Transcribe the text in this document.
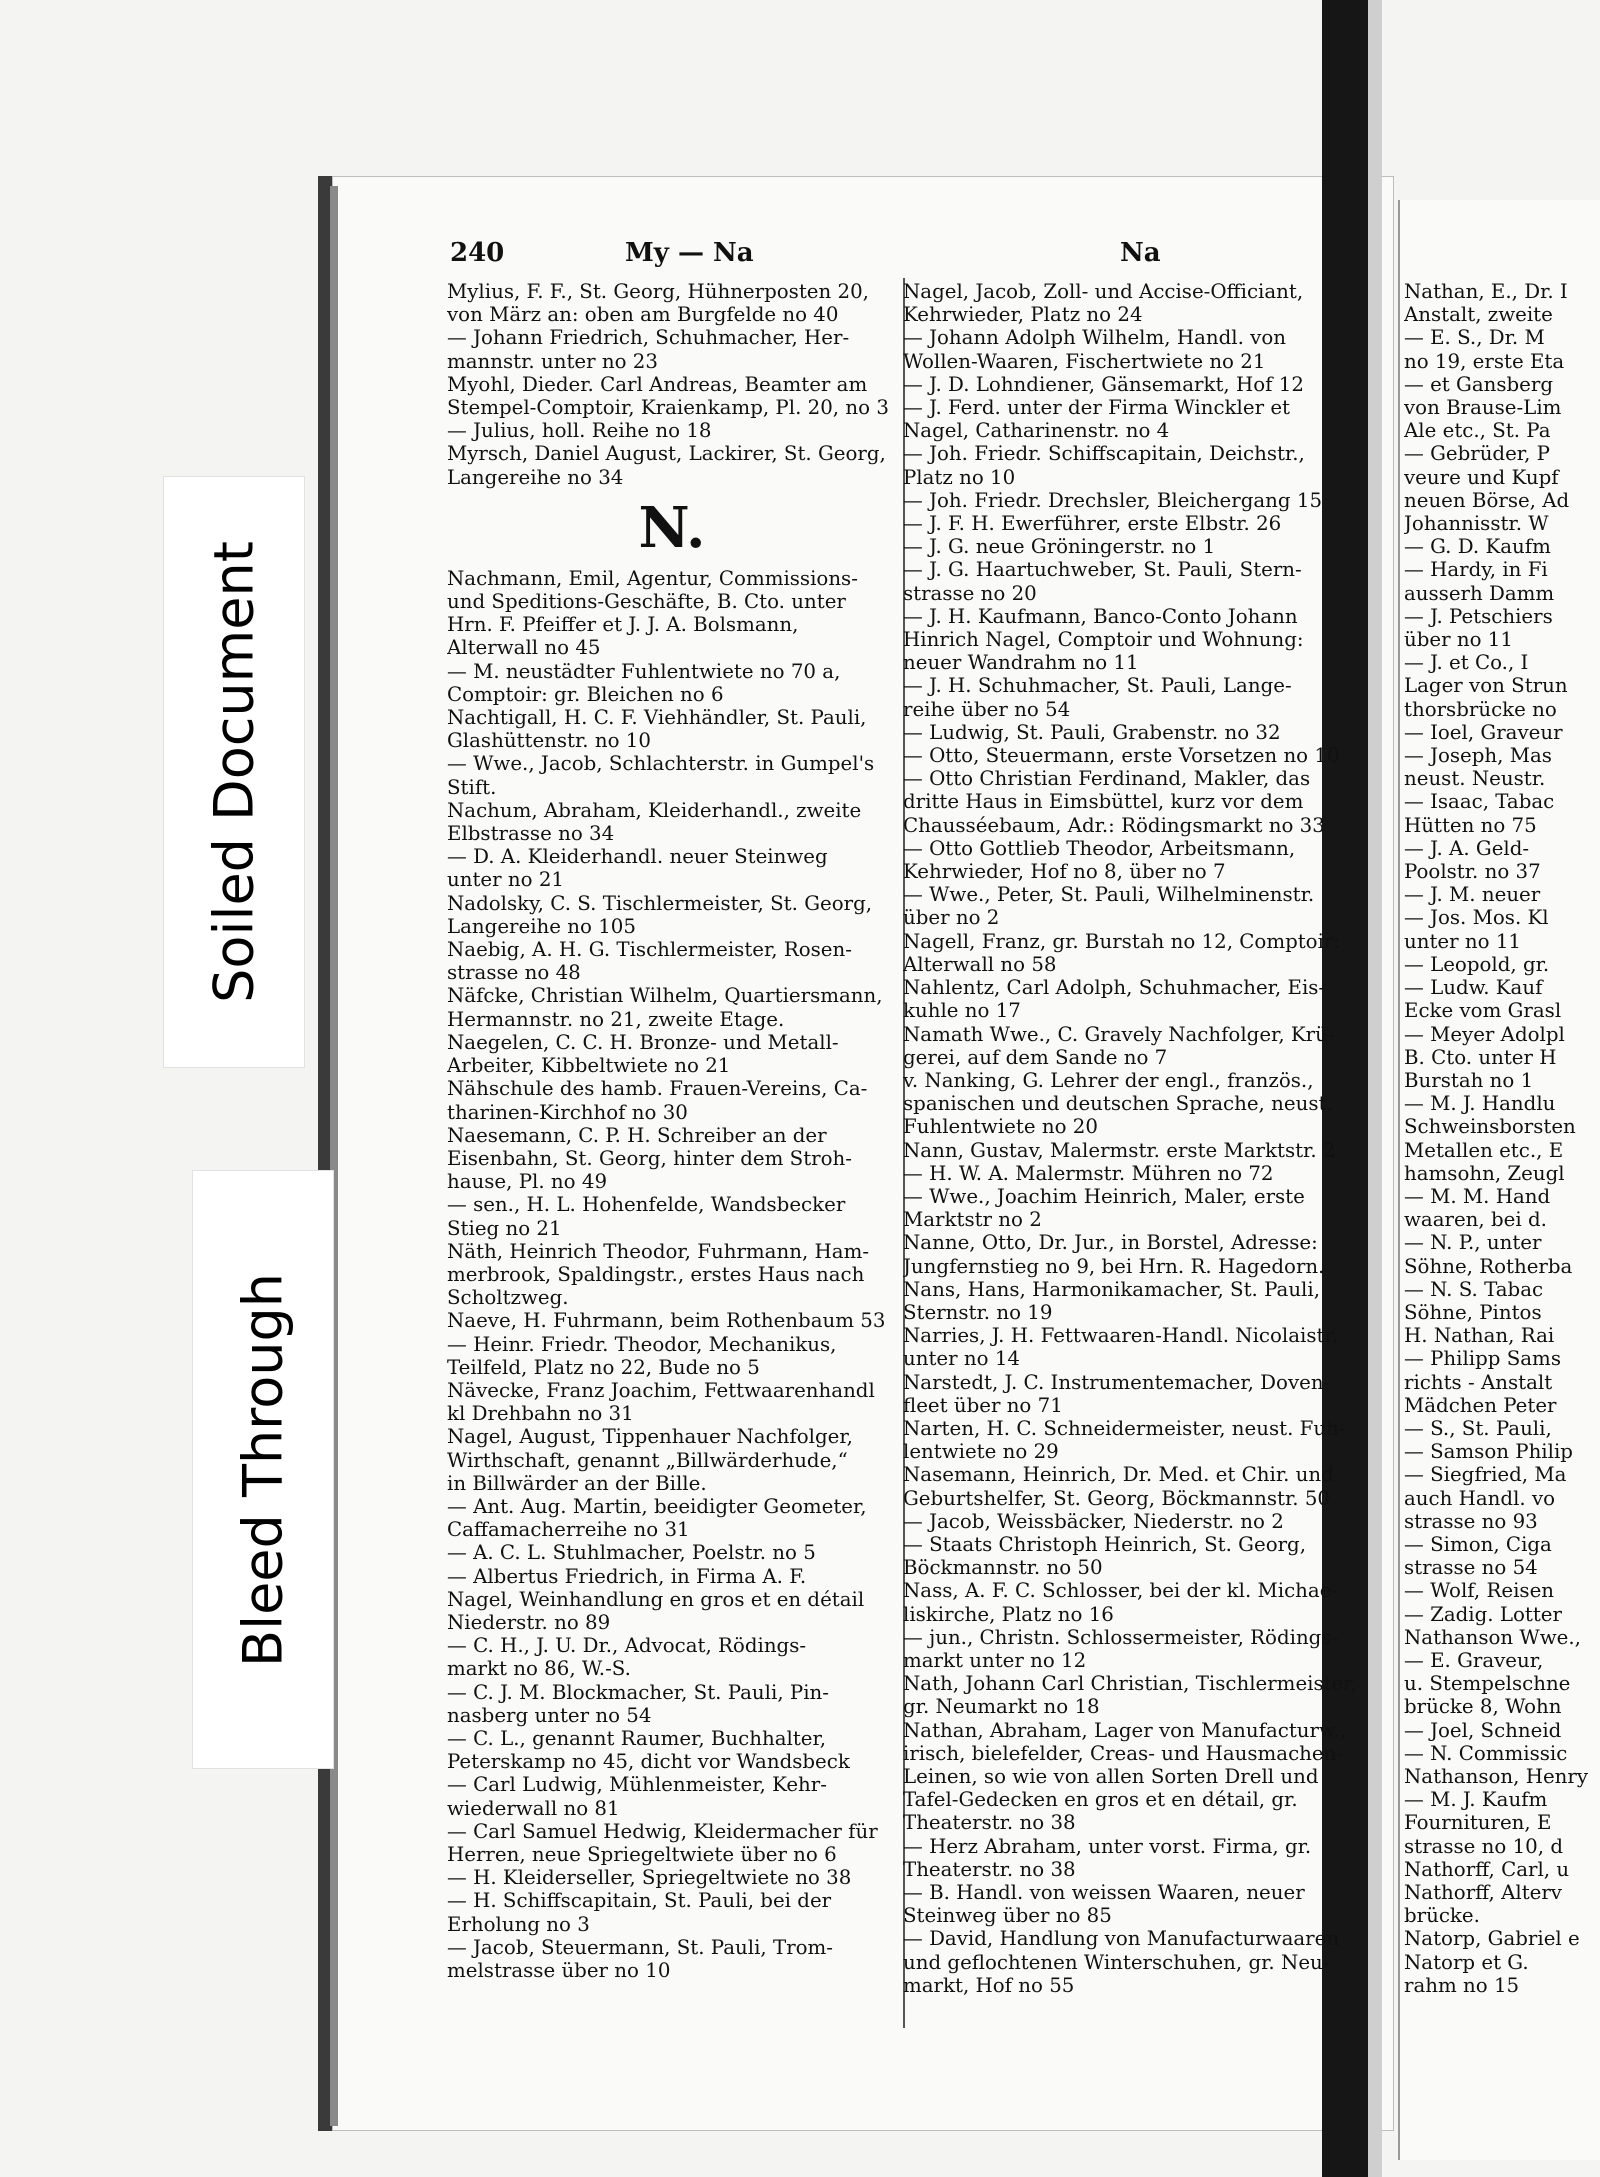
Nathan, E., Dr. I

Anstalt, zweite

— E. S., Dr. M

no 19, erste Eta

— et Gansberg

von Brause-Lim

Ale etc., St. Pa

— Gebrüder, P

veure und Kupf

neuen Börse, Ad

Johannisstr. W

— G. D. Kaufm

— Hardy, in Fi

ausserh Damm

— J. Petschiers

über no 11

— J. et Co., I

Lager von Strun

thorsbrücke no

— Ioel, Graveur

— Joseph, Mas

neust. Neustr.

— Isaac, Tabac

Hütten no 75

— J. A. Geld-

Poolstr. no 37

— J. M. neuer

— Jos. Mos. Kl

unter no 11

— Leopold, gr.

— Ludw. Kauf

Ecke vom Grasl

— Meyer Adolpl

B. Cto. unter H

Burstah no 1

— M. J. Handlu

Schweinsborsten

Metallen etc., E

hamsohn, Zeugl

— M. M. Hand

waaren, bei d.

— N. P., unter

Söhne, Rotherba

— N. S. Tabac

Söhne, Pintos

H. Nathan, Rai

— Philipp Sams

richts - Anstalt

Mädchen Peter

— S., St. Pauli,

— Samson Philip

— Siegfried, Ma

auch Handl. vo

strasse no 93

— Simon, Ciga

strasse no 54

— Wolf, Reisen

— Zadig. Lotter

Nathanson Wwe.,

— E. Graveur,

u. Stempelschne

brücke 8, Wohn

— Joel, Schneid

— N. Commissic

Nathanson, Henry

— M. J. Kaufm

Fournituren, E

strasse no 10, d

Nathorff, Carl, u

Nathorff, Alterv

brücke.

Natorp, Gabriel e

Natorp et G.

rahm no 15

240	My — Na	Na

Mylius, F. F., St. Georg, Hühnerposten 20,

von März an: oben am Burgfelde no 40

— Johann Friedrich, Schuhmacher, Her-

mannstr. unter no 23

Myohl, Dieder. Carl Andreas, Beamter am

Stempel-Comptoir, Kraienkamp, Pl. 20, no 3

— Julius, holl. Reihe no 18

Myrsch, Daniel August, Lackirer, St. Georg,

Langereihe no 34

N.

Nachmann, Emil, Agentur, Commissions-

und Speditions-Geschäfte, B. Cto. unter

Hrn. F. Pfeiffer et J. J. A. Bolsmann,

Alterwall no 45

— M. neustädter Fuhlentwiete no 70 a,

Comptoir: gr. Bleichen no 6

Nachtigall, H. C. F. Viehhändler, St. Pauli,

Glashüttenstr. no 10

— Wwe., Jacob, Schlachterstr. in Gumpel's

Stift.

Nachum, Abraham, Kleiderhandl., zweite

Elbstrasse no 34

— D. A. Kleiderhandl. neuer Steinweg

unter no 21

Nadolsky, C. S. Tischlermeister, St. Georg,

Langereihe no 105

Naebig, A. H. G. Tischlermeister, Rosen-

strasse no 48

Näfcke, Christian Wilhelm, Quartiersmann,

Hermannstr. no 21, zweite Etage.

Naegelen, C. C. H. Bronze- und Metall-

Arbeiter, Kibbeltwiete no 21

Nähschule des hamb. Frauen-Vereins, Ca-

tharinen-Kirchhof no 30

Naesemann, C. P. H. Schreiber an der

Eisenbahn, St. Georg, hinter dem Stroh-

hause, Pl. no 49

— sen., H. L. Hohenfelde, Wandsbecker

Stieg no 21

Näth, Heinrich Theodor, Fuhrmann, Ham-

merbrook, Spaldingstr., erstes Haus nach

Scholtzweg.

Naeve, H. Fuhrmann, beim Rothenbaum 53

— Heinr. Friedr. Theodor, Mechanikus,

Teilfeld, Platz no 22, Bude no 5

Nävecke, Franz Joachim, Fettwaarenhandl

kl Drehbahn no 31

Nagel, August, Tippenhauer Nachfolger,

Wirthschaft, genannt „Billwärderhude,“

in Billwärder an der Bille.

— Ant. Aug. Martin, beeidigter Geometer,

Caffamacherreihe no 31

— A. C. L. Stuhlmacher, Poelstr. no 5

— Albertus Friedrich, in Firma A. F.

Nagel, Weinhandlung en gros et en détail

Niederstr. no 89

— C. H., J. U. Dr., Advocat, Rödings-

markt no 86, W.-S.

— C. J. M. Blockmacher, St. Pauli, Pin-

nasberg unter no 54

— C. L., genannt Raumer, Buchhalter,

Peterskamp no 45, dicht vor Wandsbeck

— Carl Ludwig, Mühlenmeister, Kehr-

wiederwall no 81

— Carl Samuel Hedwig, Kleidermacher für

Herren, neue Spriegeltwiete über no 6

— H. Kleiderseller, Spriegeltwiete no 38

— H. Schiffscapitain, St. Pauli, bei der

Erholung no 3

— Jacob, Steuermann, St. Pauli, Trom-

melstrasse über no 10

Nagel, Jacob, Zoll- und Accise-Officiant,

Kehrwieder, Platz no 24

— Johann Adolph Wilhelm, Handl. von

Wollen-Waaren, Fischertwiete no 21

— J. D. Lohndiener, Gänsemarkt, Hof 12

— J. Ferd. unter der Firma Winckler et

Nagel, Catharinenstr. no 4

— Joh. Friedr. Schiffscapitain, Deichstr.,

Platz no 10

— Joh. Friedr. Drechsler, Bleichergang 15

— J. F. H. Ewerführer, erste Elbstr. 26

— J. G. neue Gröningerstr. no 1

— J. G. Haartuchweber, St. Pauli, Stern-

strasse no 20

— J. H. Kaufmann, Banco-Conto Johann

Hinrich Nagel, Comptoir und Wohnung:

neuer Wandrahm no 11

— J. H. Schuhmacher, St. Pauli, Lange-

reihe über no 54

— Ludwig, St. Pauli, Grabenstr. no 32

— Otto, Steuermann, erste Vorsetzen no 10

— Otto Christian Ferdinand, Makler, das

dritte Haus in Eimsbüttel, kurz vor dem

Chausséebaum, Adr.: Rödingsmarkt no 33

— Otto Gottlieb Theodor, Arbeitsmann,

Kehrwieder, Hof no 8, über no 7

— Wwe., Peter, St. Pauli, Wilhelminenstr.

über no 2

Nagell, Franz, gr. Burstah no 12, Comptoir:

Alterwall no 58

Nahlentz, Carl Adolph, Schuhmacher, Eis-

kuhle no 17

Namath Wwe., C. Gravely Nachfolger, Krü-

gerei, auf dem Sande no 7

v. Nanking, G. Lehrer der engl., französ.,

spanischen und deutschen Sprache, neust.

Fuhlentwiete no 20

Nann, Gustav, Malermstr. erste Marktstr. 2

— H. W. A. Malermstr. Mühren no 72

— Wwe., Joachim Heinrich, Maler, erste

Marktstr no 2

Nanne, Otto, Dr. Jur., in Borstel, Adresse:

Jungfernstieg no 9, bei Hrn. R. Hagedorn.

Nans, Hans, Harmonikamacher, St. Pauli,

Sternstr. no 19

Narries, J. H. Fettwaaren-Handl. Nicolaistr.

unter no 14

Narstedt, J. C. Instrumentemacher, Doven-

fleet über no 71

Narten, H. C. Schneidermeister, neust. Fuh-

lentwiete no 29

Nasemann, Heinrich, Dr. Med. et Chir. und

Geburtshelfer, St. Georg, Böckmannstr. 50

— Jacob, Weissbäcker, Niederstr. no 2

— Staats Christoph Heinrich, St. Georg,

Böckmannstr. no 50

Nass, A. F. C. Schlosser, bei der kl. Michae-

liskirche, Platz no 16

— jun., Christn. Schlossermeister, Rödings-

markt unter no 12

Nath, Johann Carl Christian, Tischlermeister,

gr. Neumarkt no 18

Nathan, Abraham, Lager von Manufacturw.,

irisch, bielefelder, Creas- und Hausmachen-

Leinen, so wie von allen Sorten Drell und

Tafel-Gedecken en gros et en détail, gr.

Theaterstr. no 38

— Herz Abraham, unter vorst. Firma, gr.

Theaterstr. no 38

— B. Handl. von weissen Waaren, neuer

Steinweg über no 85

— David, Handlung von Manufacturwaaren

und geflochtenen Winterschuhen, gr. Neu-

markt, Hof no 55

Soiled Document
Bleed Through
